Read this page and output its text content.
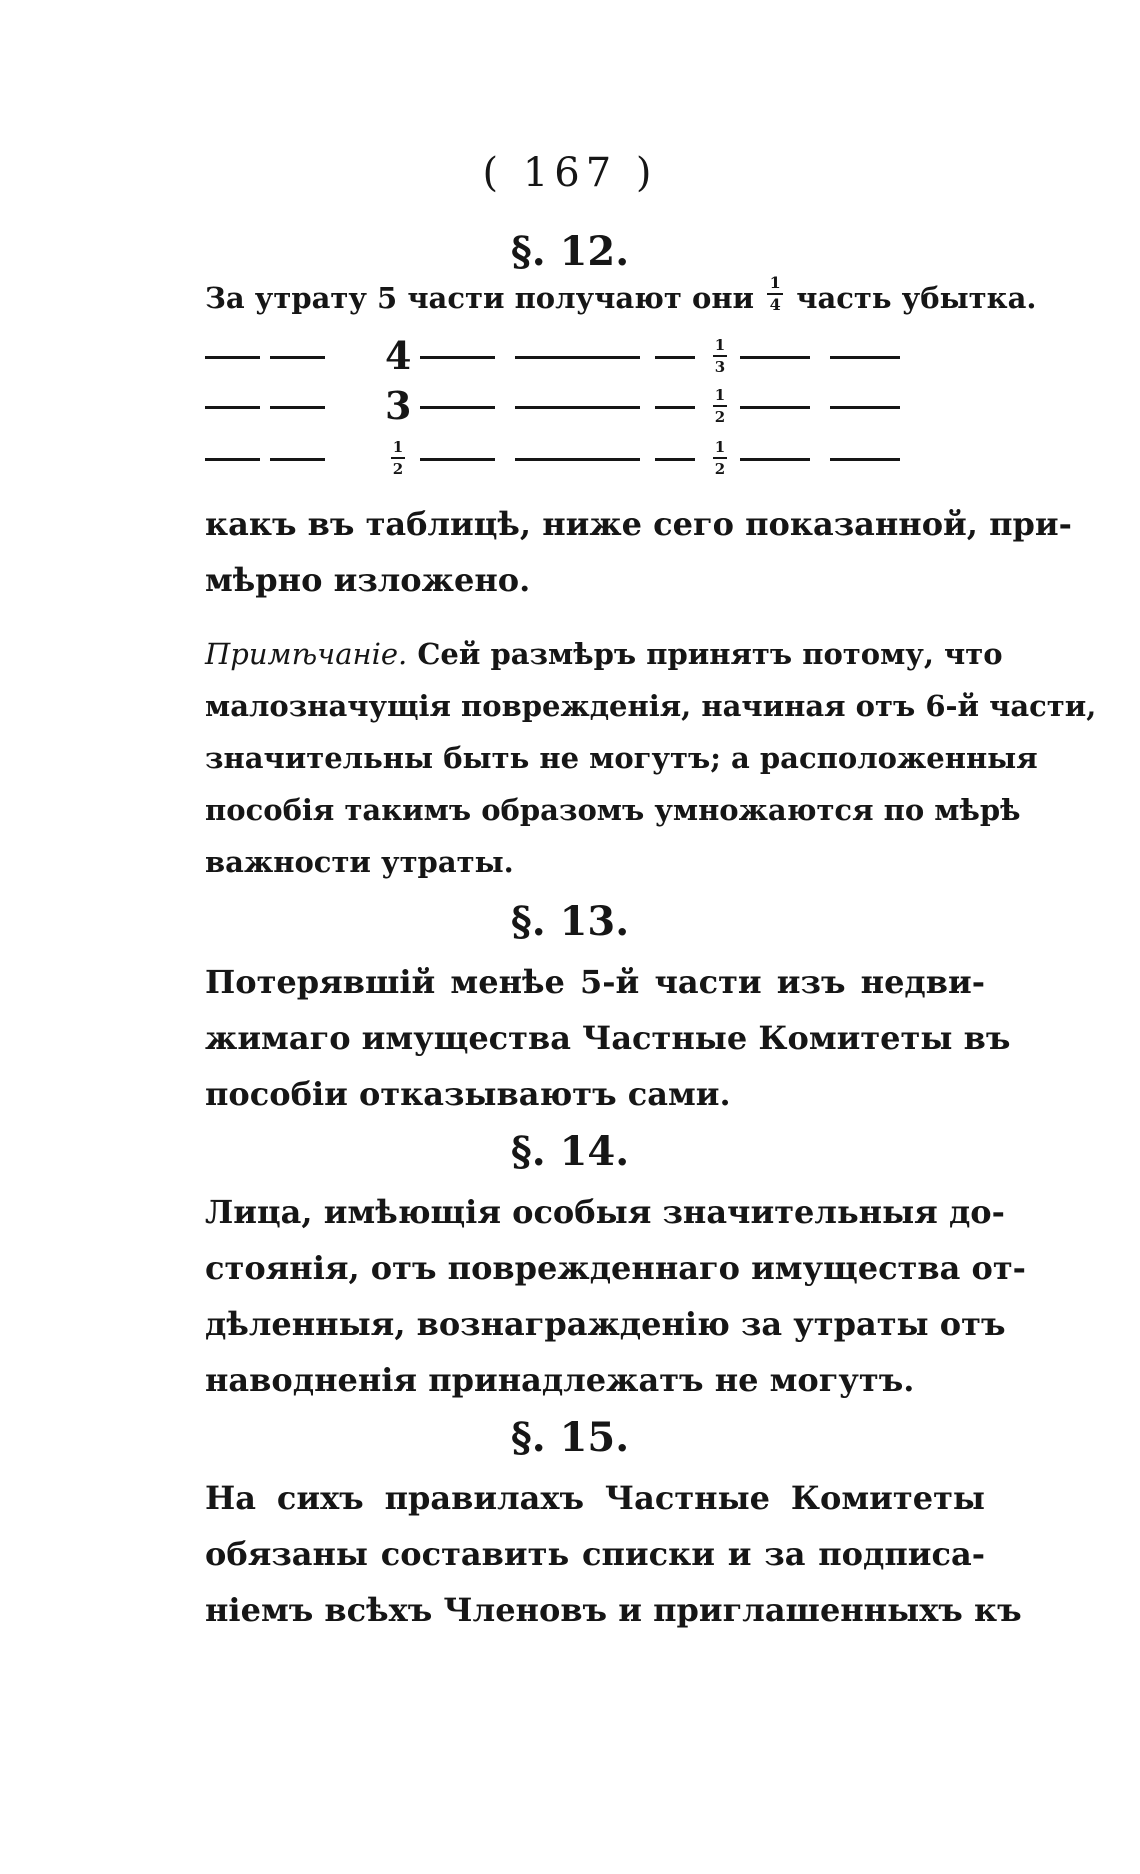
( 167 )
§. 12.
За утрату 5 части получают они $\frac{1}{4}$ часть убытка.
4	1
3
3	1
2
1
2
1
2
какъ въ таблицѣ, ниже сего показанной, при-
мѣрно изложено.
Примѣчаніе. Сей размѣръ принятъ потому, что
малозначущія поврежденія, начиная отъ 6-й части,
значительны быть не могутъ; а расположенныя
пособія такимъ образомъ умножаются по мѣрѣ
важности утраты.
§. 13.
Потерявшій менѣе 5-й части изъ недви-
жимаго имущества Частные Комитеты въ
пособіи отказываютъ сами.
§. 14.
Лица, имѣющія особыя значительныя до-
стоянія, отъ поврежденнаго имущества от-
дѣленныя, вознагражденію за утраты отъ
наводненія принадлежатъ не могутъ.
§. 15.
На сихъ правилахъ Частные Комитеты
обязаны составить списки и за подписа-
ніемъ всѣхъ Членовъ и приглашенныхъ къ
